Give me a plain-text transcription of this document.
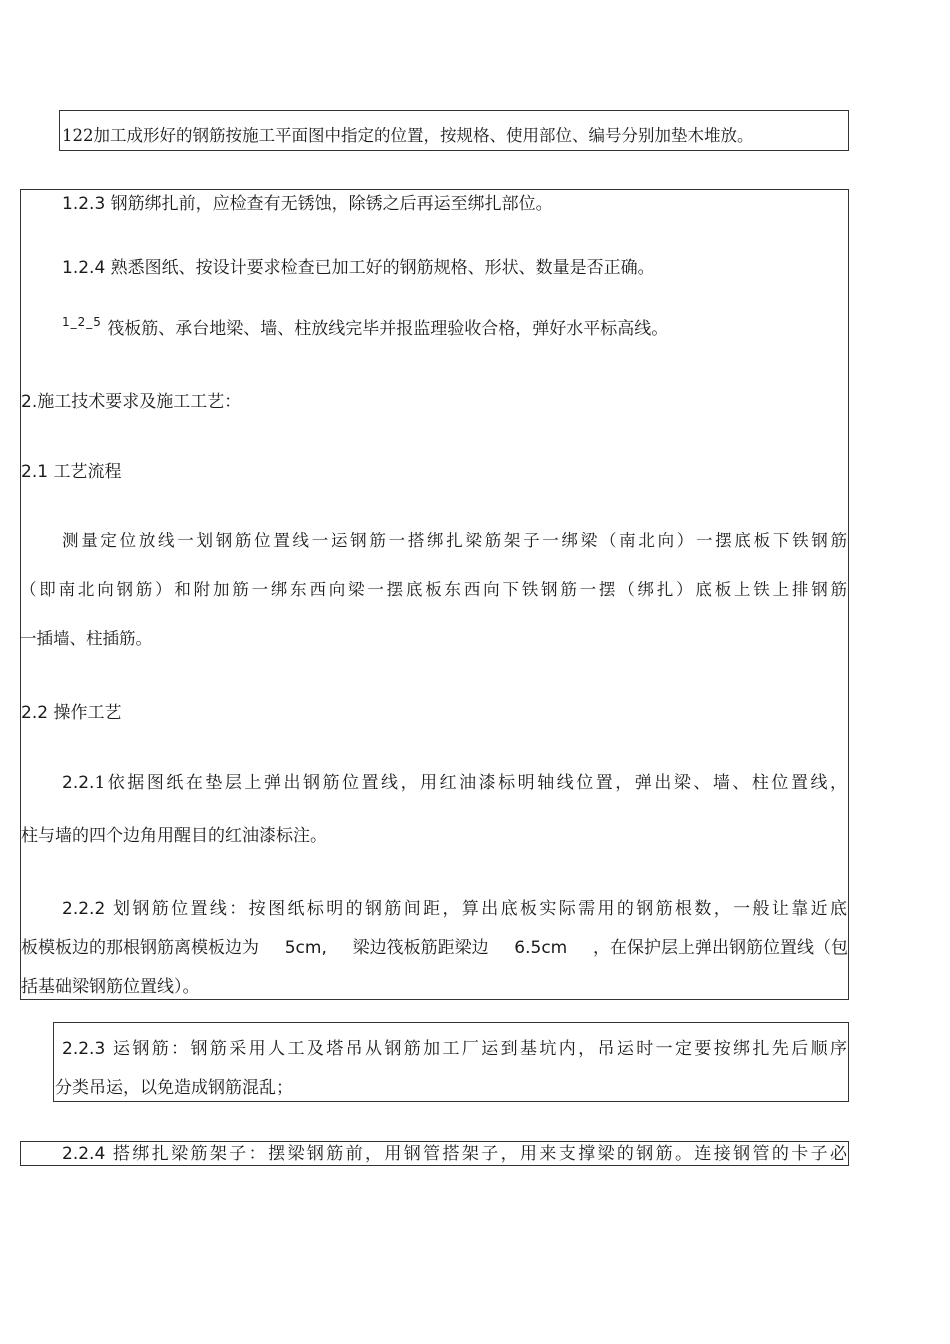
122加工成形好的钢筋按施工平面图中指定的位置，按规格、使用部位、编号分别加垫木堆放。
1.2.3 钢筋绑扎前，应检查有无锈蚀，除锈之后再运至绑扎部位。
1.2.4 熟悉图纸、按设计要求检查已加工好的钢筋规格、形状、数量是否正确。
$^{1\_2\_5}$ 筏板筋、承台地梁、墙、柱放线完毕并报监理验收合格，弹好水平标高线。
2.施工技术要求及施工工艺：
2.1 工艺流程
测量定位放线一划钢筋位置线一运钢筋一搭绑扎梁筋架子一绑梁（南北向）一摆底板下铁钢筋
（即南北向钢筋）和附加筋一绑东西向梁一摆底板东西向下铁钢筋一摆（绑扎）底板上铁上排钢筋
一插墙、柱插筋。
2.2 操作工艺
2.2.1依据图纸在垫层上弹出钢筋位置线，用红油漆标明轴线位置，弹出梁、墙、柱位置线，
柱与墙的四个边角用醒目的红油漆标注。
2.2.2 划钢筋位置线：按图纸标明的钢筋间距，算出底板实际需用的钢筋根数，一般让靠近底
板模板边的那根钢筋离模板边为 5cm, 梁边筏板筋距梁边 6.5cm ，在保护层上弹出钢筋位置线（包
括基础梁钢筋位置线）。
2.2.3 运钢筋：钢筋采用人工及塔吊从钢筋加工厂运到基坑内，吊运时一定要按绑扎先后顺序
分类吊运，以免造成钢筋混乱；
2.2.4 搭绑扎梁筋架子：摆梁钢筋前，用钢管搭架子，用来支撑梁的钢筋。连接钢管的卡子必
